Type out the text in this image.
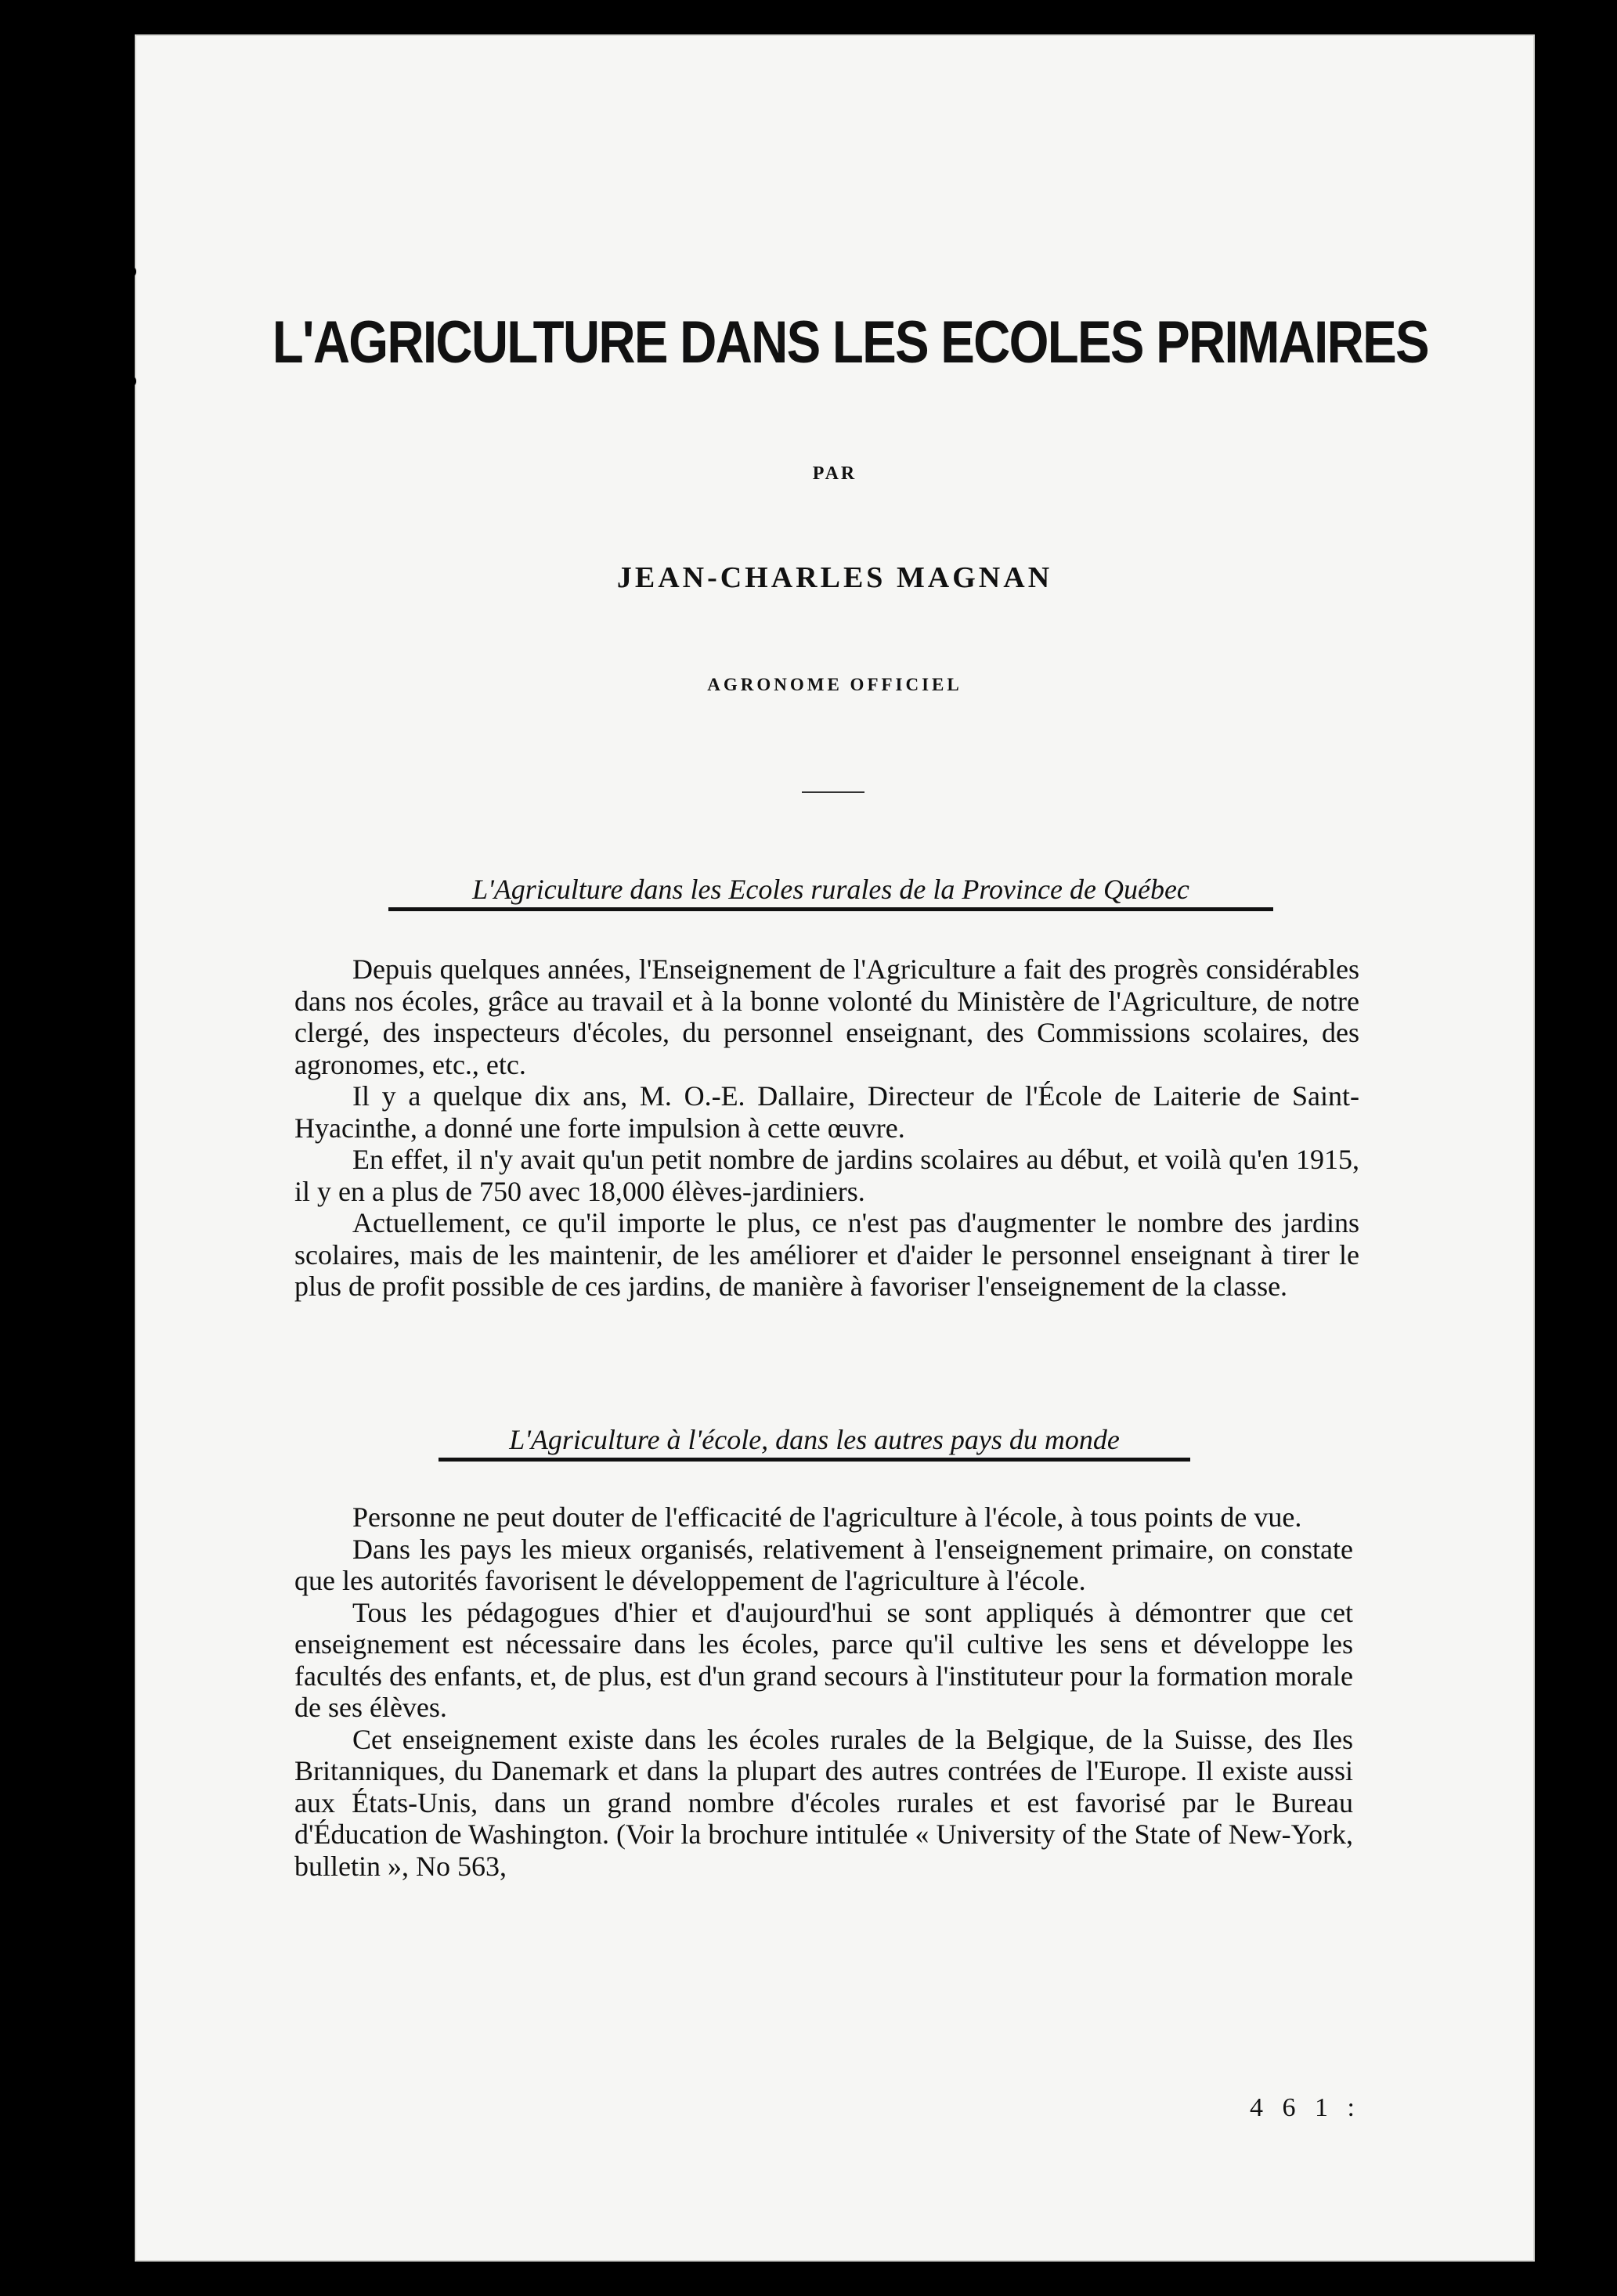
L'AGRICULTURE DANS LES ECOLES PRIMAIRES
PAR
JEAN-CHARLES MAGNAN
AGRONOME OFFICIEL
L'Agriculture dans les Ecoles rurales de la Province de Québec

Depuis quelques années, l'Enseignement de l'Agriculture a fait des progrès considérables dans nos écoles, grâce au travail et à la bonne volonté du Ministère de l'Agriculture, de notre clergé, des inspecteurs d'écoles, du personnel enseignant, des Commissions scolaires, des agronomes, etc., etc.

Il y a quelque dix ans, M. O.-E. Dallaire, Directeur de l'École de Laiterie de Saint-Hyacinthe, a donné une forte impulsion à cette œuvre.

En effet, il n'y avait qu'un petit nombre de jardins scolaires au début, et voilà qu'en 1915, il y en a plus de 750 avec 18,000 élèves-jardiniers.

Actuellement, ce qu'il importe le plus, ce n'est pas d'augmenter le nombre des jardins scolaires, mais de les maintenir, de les améliorer et d'aider le personnel enseignant à tirer le plus de profit possible de ces jardins, de manière à favoriser l'enseignement de la classe.

L'Agriculture à l'école, dans les autres pays du monde

Personne ne peut douter de l'efficacité de l'agriculture à l'école, à tous points de vue.

Dans les pays les mieux organisés, relativement à l'enseignement primaire, on constate que les autorités favorisent le développement de l'agriculture à l'école.

Tous les pédagogues d'hier et d'aujourd'hui se sont appliqués à démontrer que cet enseignement est nécessaire dans les écoles, parce qu'il cultive les sens et développe les facultés des enfants, et, de plus, est d'un grand secours à l'instituteur pour la formation morale de ses élèves.

Cet enseignement existe dans les écoles rurales de la Belgique, de la Suisse, des Iles Britanniques, du Danemark et dans la plupart des autres contrées de l'Europe. Il existe aussi aux États-Unis, dans un grand nombre d'écoles rurales et est favorisé par le Bureau d'Éducation de Washington. (Voir la brochure intitulée « University of the State of New-York, bulletin », No 563,

4 6 1 :
